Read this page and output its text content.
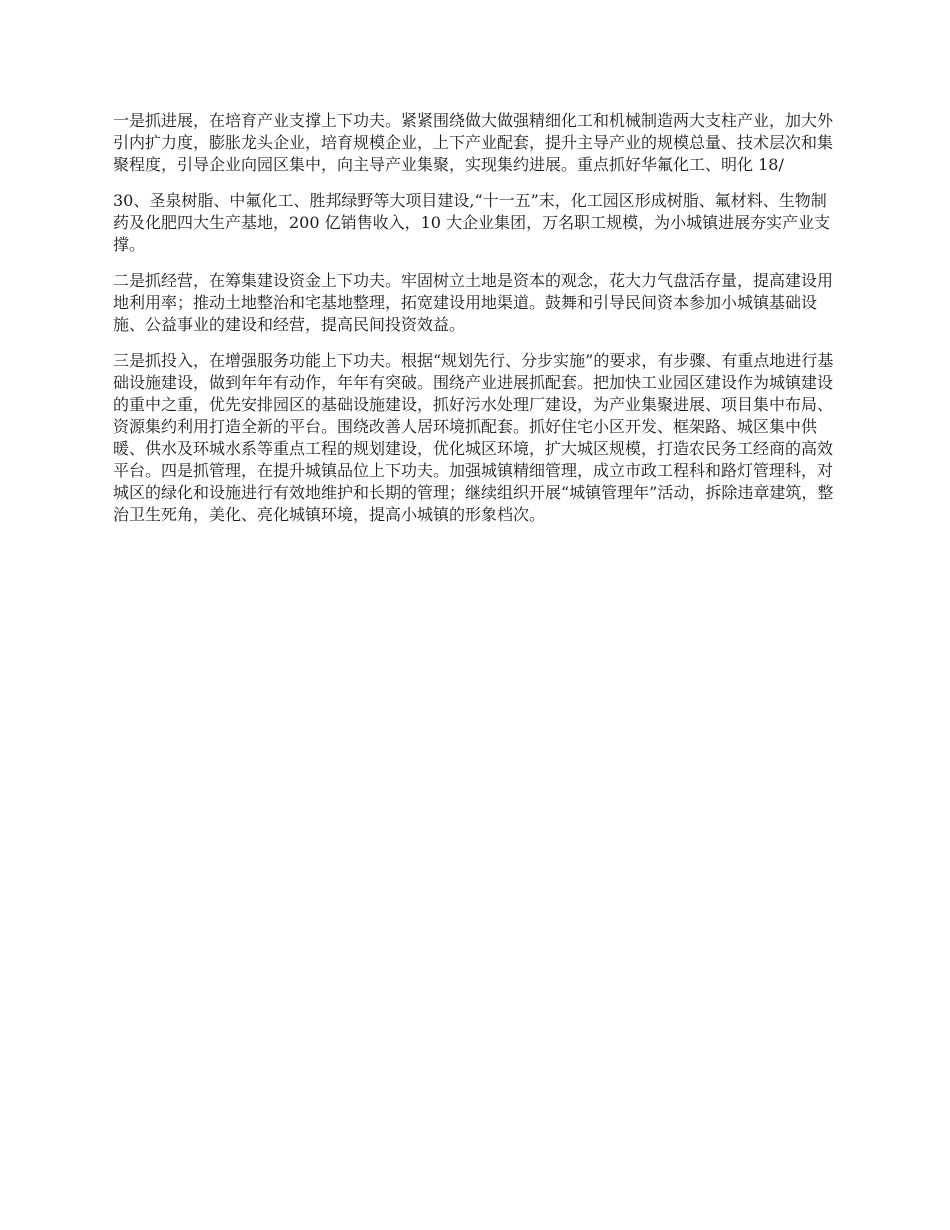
一是抓进展，在培育产业支撑上下功夫。紧紧围绕做大做强精细化工和机械制造两大支柱产业，加大外引内扩力度，膨胀龙头企业，培育规模企业，上下产业配套，提升主导产业的规模总量、技术层次和集聚程度，引导企业向园区集中，向主导产业集聚，实现集约进展。重点抓好华氟化工、明化 18/

30、圣泉树脂、中氟化工、胜邦绿野等大项目建设,“十一五”末，化工园区形成树脂、氟材料、生物制药及化肥四大生产基地，200 亿销售收入，10 大企业集团，万名职工规模，为小城镇进展夯实产业支撑。

二是抓经营，在筹集建设资金上下功夫。牢固树立土地是资本的观念，花大力气盘活存量，提高建设用地利用率；推动土地整治和宅基地整理，拓宽建设用地渠道。鼓舞和引导民间资本参加小城镇基础设施、公益事业的建设和经营，提高民间投资效益。

三是抓投入，在增强服务功能上下功夫。根据“规划先行、分步实施”的要求，有步骤、有重点地进行基础设施建设，做到年年有动作，年年有突破。围绕产业进展抓配套。把加快工业园区建设作为城镇建设的重中之重，优先安排园区的基础设施建设，抓好污水处理厂建设，为产业集聚进展、项目集中布局、资源集约利用打造全新的平台。围绕改善人居环境抓配套。抓好住宅小区开发、框架路、城区集中供暖、供水及环城水系等重点工程的规划建设，优化城区环境，扩大城区规模，打造农民务工经商的高效平台。四是抓管理，在提升城镇品位上下功夫。加强城镇精细管理，成立市政工程科和路灯管理科，对城区的绿化和设施进行有效地维护和长期的管理；继续组织开展“城镇管理年”活动，拆除违章建筑，整治卫生死角，美化、亮化城镇环境，提高小城镇的形象档次。
